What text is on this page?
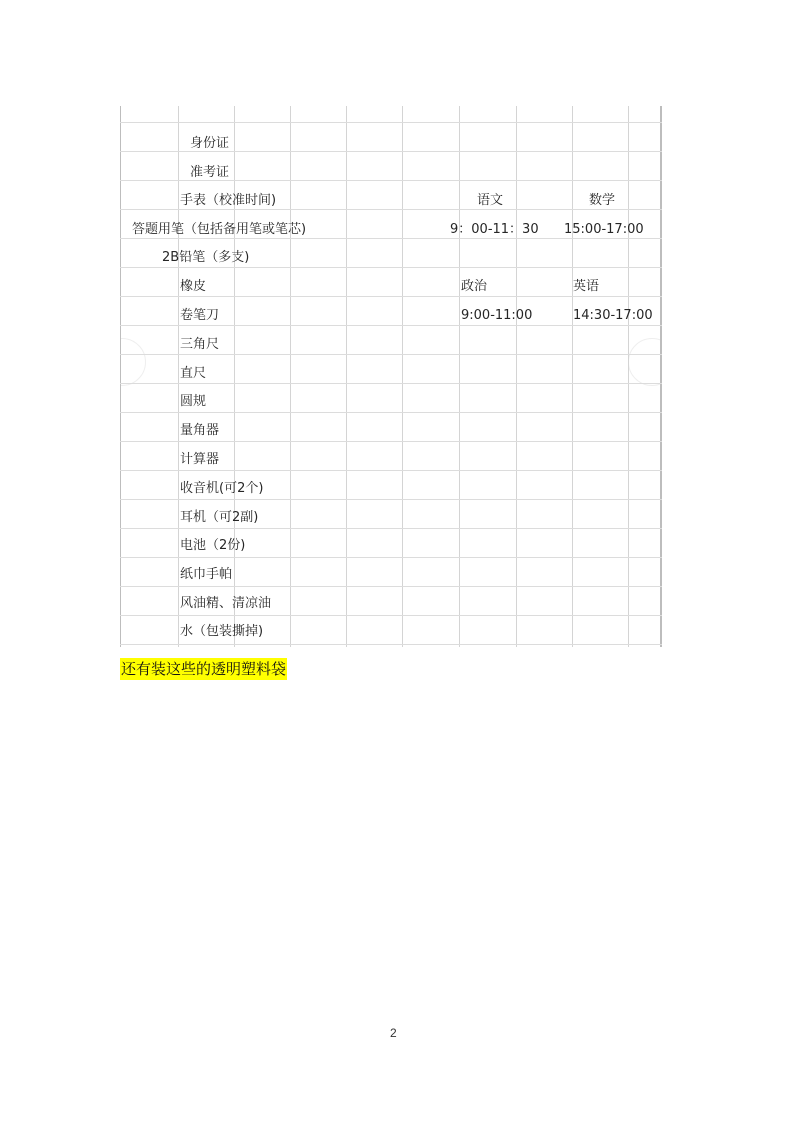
身份证
准考证
手表（校准时间)
答题用笔（包括备用笔或笔芯)
2B铅笔（多支)
橡皮
卷笔刀
三角尺
直尺
圆规
量角器
计算器
收音机(可2个)
耳机（可2副)
电池（2份)
纸巾手帕
风油精、清凉油
水（包装撕掉)
语文	数学
9：00-11：30 15:00-17:00
政治	英语
9:00-11:00	14:30-17:00
还有装这些的透明塑料袋
2
